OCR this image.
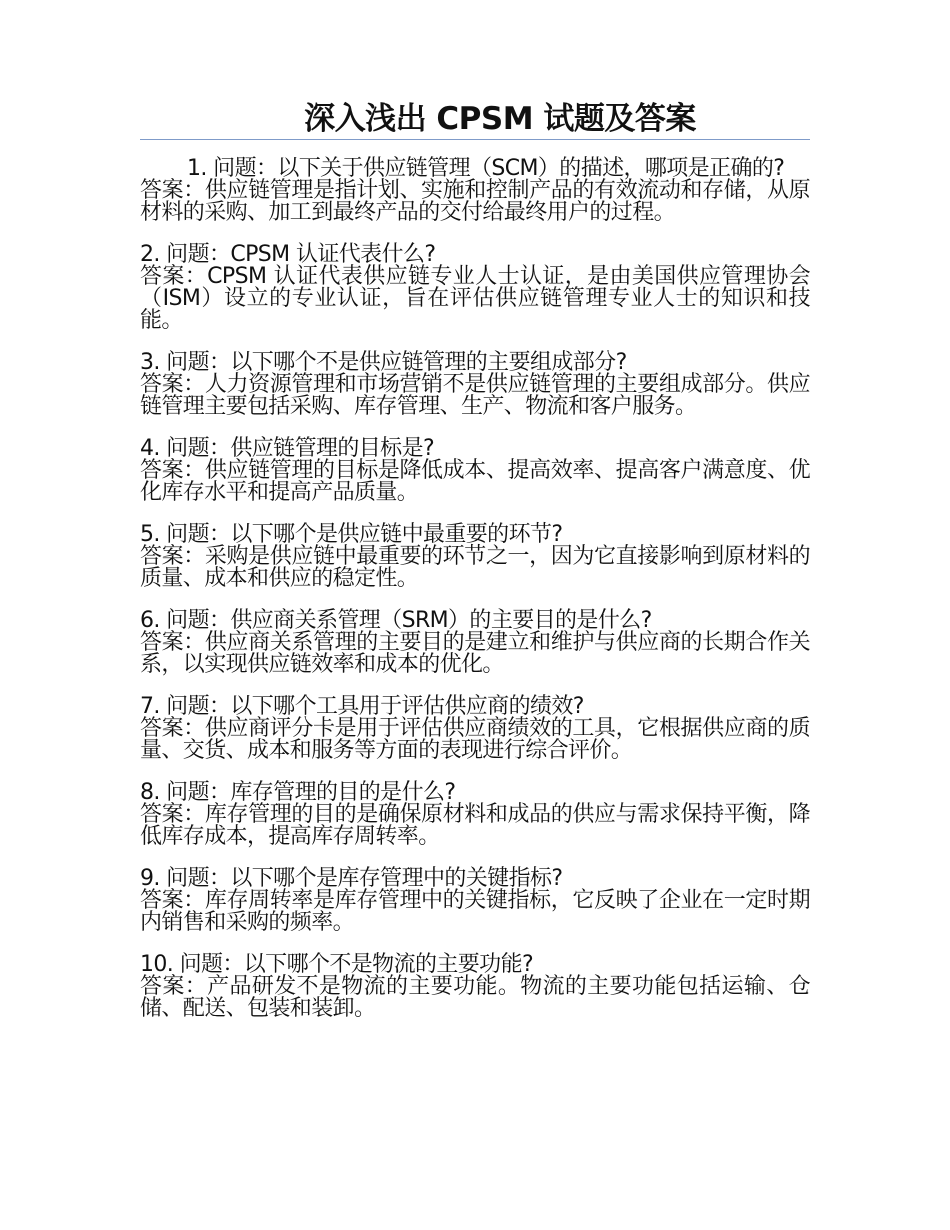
深入浅出 CPSM 试题及答案

1. 问题：以下关于供应链管理（SCM）的描述，哪项是正确的?

答案：供应链管理是指计划、实施和控制产品的有效流动和存储，从原材料的采购、加工到最终产品的交付给最终用户的过程。

2. 问题：CPSM 认证代表什么?

答案：CPSM 认证代表供应链专业人士认证，是由美国供应管理协会（ISM）设立的专业认证，旨在评估供应链管理专业人士的知识和技能。

3. 问题：以下哪个不是供应链管理的主要组成部分?

答案：人力资源管理和市场营销不是供应链管理的主要组成部分。供应链管理主要包括采购、库存管理、生产、物流和客户服务。

4. 问题：供应链管理的目标是?

答案：供应链管理的目标是降低成本、提高效率、提高客户满意度、优化库存水平和提高产品质量。

5. 问题：以下哪个是供应链中最重要的环节?

答案：采购是供应链中最重要的环节之一，因为它直接影响到原材料的质量、成本和供应的稳定性。

6. 问题：供应商关系管理（SRM）的主要目的是什么?

答案：供应商关系管理的主要目的是建立和维护与供应商的长期合作关系，以实现供应链效率和成本的优化。

7. 问题：以下哪个工具用于评估供应商的绩效?

答案：供应商评分卡是用于评估供应商绩效的工具，它根据供应商的质量、交货、成本和服务等方面的表现进行综合评价。

8. 问题：库存管理的目的是什么?

答案：库存管理的目的是确保原材料和成品的供应与需求保持平衡，降低库存成本，提高库存周转率。

9. 问题：以下哪个是库存管理中的关键指标?

答案：库存周转率是库存管理中的关键指标，它反映了企业在一定时期内销售和采购的频率。

10. 问题：以下哪个不是物流的主要功能?

答案：产品研发不是物流的主要功能。物流的主要功能包括运输、仓储、配送、包装和装卸。
